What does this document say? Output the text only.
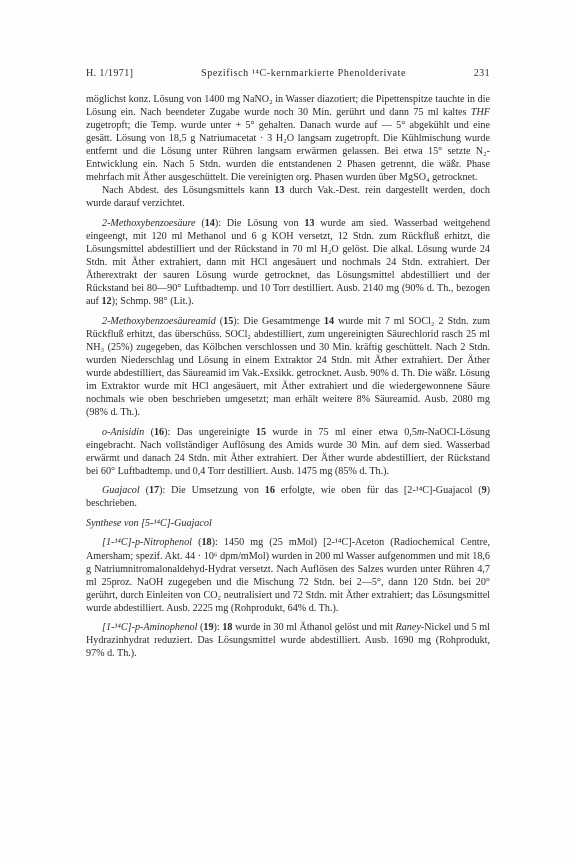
H. 1/1971]	Spezifisch ¹⁴C-kernmarkierte Phenolderivate	231

möglichst konz. Lösung von 1400 mg NaNO₂ in Wasser diazotiert; die Pipettenspitze tauchte in die Lösung ein. Nach beendeter Zugabe wurde noch 30 Min. gerührt und dann 75 ml kaltes THF zugetropft; die Temp. wurde unter + 5° gehalten. Danach wurde auf — 5° abgekühlt und eine gesätt. Lösung von 18,5 g Natriumacetat · 3 H₂O langsam zugetropft. Die Kühlmischung wurde entfernt und die Lösung unter Rühren langsam erwärmen gelassen. Bei etwa 15° setzte N₂-Entwicklung ein. Nach 5 Stdn. wurden die entstandenen 2 Phasen getrennt, die wäßr. Phase mehrfach mit Äther ausgeschüttelt. Die vereinigten org. Phasen wurden über MgSO₄ getrocknet.

Nach Abdest. des Lösungsmittels kann 13 durch Vak.-Dest. rein dargestellt werden, doch wurde darauf verzichtet.

2-Methoxybenzoesäure (14): Die Lösung von 13 wurde am sied. Wasserbad weitgehend eingeengt, mit 120 ml Methanol und 6 g KOH versetzt, 12 Stdn. zum Rückfluß erhitzt, die Lösungsmittel abdestilliert und der Rückstand in 70 ml H₂O gelöst. Die alkal. Lösung wurde 24 Stdn. mit Äther extrahiert, dann mit HCl angesäuert und nochmals 24 Stdn. extrahiert. Der Ätherextrakt der sauren Lösung wurde getrocknet, das Lösungsmittel abdestilliert und der Rückstand bei 80—90° Luftbadtemp. und 10 Torr destilliert. Ausb. 2140 mg (90% d. Th., bezogen auf 12); Schmp. 98° (Lit.).

2-Methoxybenzoesäureamid (15): Die Gesamtmenge 14 wurde mit 7 ml SOCl₂ 2 Stdn. zum Rückfluß erhitzt, das überschüss. SOCl₂ abdestilliert, zum ungereinigten Säurechlorid rasch 25 ml NH₃ (25%) zugegeben, das Kölbchen verschlossen und 30 Min. kräftig geschüttelt. Nach 2 Stdn. wurden Niederschlag und Lösung in einem Extraktor 24 Stdn. mit Äther extrahiert. Der Äther wurde abdestilliert, das Säureamid im Vak.-Exsikk. getrocknet. Ausb. 90% d. Th. Die wäßr. Lösung im Extraktor wurde mit HCl angesäuert, mit Äther extrahiert und die wiedergewonnene Säure nochmals wie oben beschrieben umgesetzt; man erhält weitere 8% Säureamid. Ausb. 2080 mg (98% d. Th.).

o-Anisidin (16): Das ungereinigte 15 wurde in 75 ml einer etwa 0,5m-NaOCl-Lösung eingebracht. Nach vollständiger Auflösung des Amids wurde 30 Min. auf dem sied. Wasserbad erwärmt und danach 24 Stdn. mit Äther extrahiert. Der Äther wurde abdestilliert, der Rückstand bei 60° Luftbadtemp. und 0,4 Torr destilliert. Ausb. 1475 mg (85% d. Th.).

Guajacol (17): Die Umsetzung von 16 erfolgte, wie oben für das [2-¹⁴C]-Guajacol (9) beschrieben.

Synthese von [5-¹⁴C]-Guajacol

[1-¹⁴C]-p-Nitrophenol (18): 1450 mg (25 mMol) [2-¹⁴C]-Aceton (Radiochemical Centre, Amersham; spezif. Akt. 44 · 10⁶ dpm/mMol) wurden in 200 ml Wasser aufgenommen und mit 18,6 g Natriumnitromalonaldehyd-Hydrat versetzt. Nach Auflösen des Salzes wurden unter Rühren 4,7 ml 25proz. NaOH zugegeben und die Mischung 72 Stdn. bei 2—5°, dann 120 Stdn. bei 20° gerührt, durch Einleiten von CO₂ neutralisiert und 72 Stdn. mit Äther extrahiert; das Lösungsmittel wurde abdestilliert. Ausb. 2225 mg (Rohprodukt, 64% d. Th.).

[1-¹⁴C]-p-Aminophenol (19): 18 wurde in 30 ml Äthanol gelöst und mit Raney-Nickel und 5 ml Hydrazinhydrat reduziert. Das Lösungsmittel wurde abdestilliert. Ausb. 1690 mg (Rohprodukt, 97% d. Th.).
